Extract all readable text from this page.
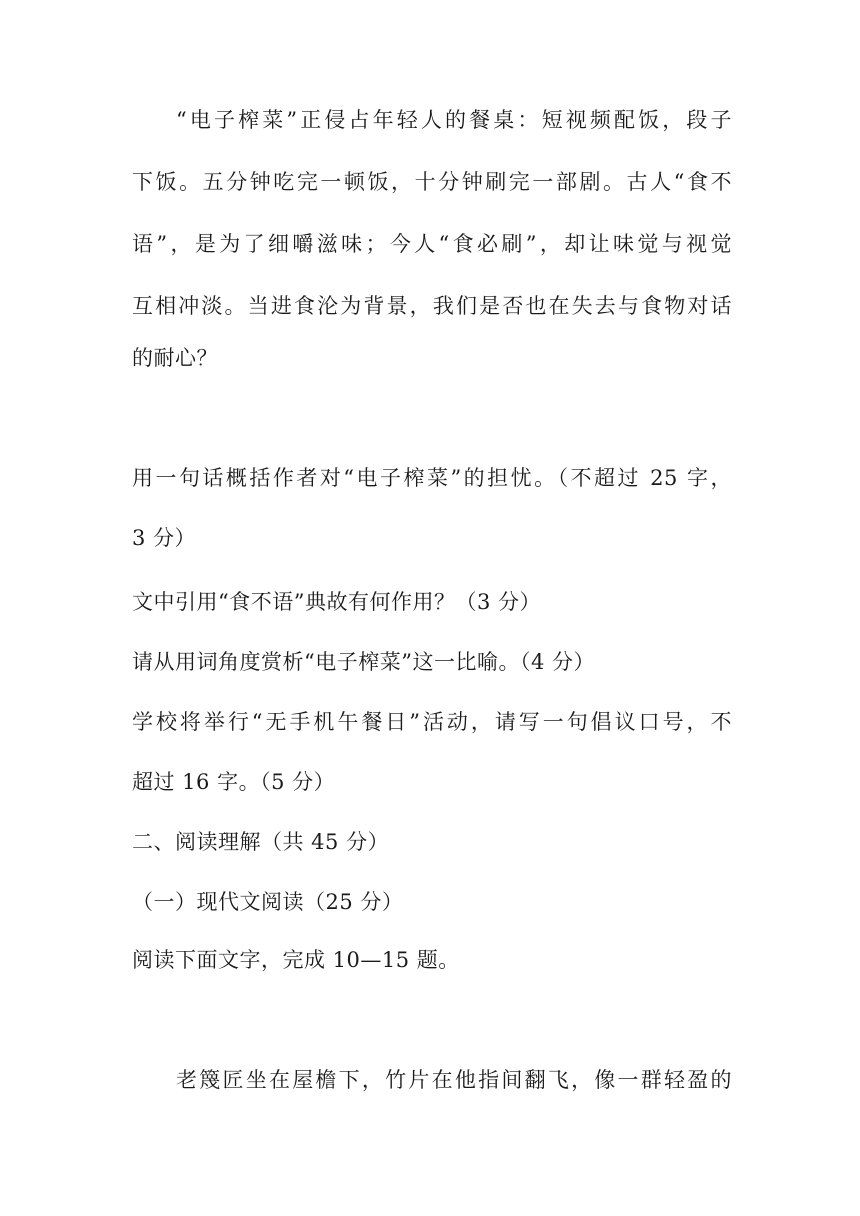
“电子榨菜”正侵占年轻人的餐桌：短视频配饭，段子
下饭。五分钟吃完一顿饭，十分钟刷完一部剧。古人“食不
语”，是为了细嚼滋味；今人“食必刷”，却让味觉与视觉
互相冲淡。当进食沦为背景，我们是否也在失去与食物对话
的耐心？
用一句话概括作者对“电子榨菜”的担忧。（不超过 25 字，
3 分）
文中引用“食不语”典故有何作用？（3 分）
请从用词角度赏析“电子榨菜”这一比喻。（4 分）
学校将举行“无手机午餐日”活动，请写一句倡议口号，不
超过 16 字。（5 分）
二、阅读理解（共 45 分）
（一）现代文阅读（25 分）
阅读下面文字，完成 10—15 题。
老篾匠坐在屋檐下，竹片在他指间翻飞，像一群轻盈的
